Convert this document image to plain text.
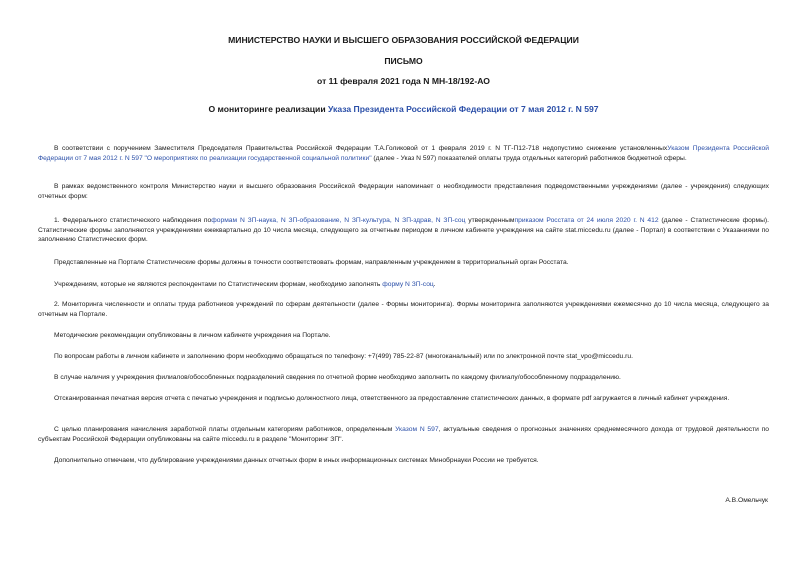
МИНИСТЕРСТВО НАУКИ И ВЫСШЕГО ОБРАЗОВАНИЯ РОССИЙСКОЙ ФЕДЕРАЦИИ
ПИСЬМО
от 11 февраля 2021 года N МН-18/192-АО
О мониторинге реализации Указа Президента Российской Федерации от 7 мая 2012 г. N 597
В соответствии с поручением Заместителя Председателя Правительства Российской Федерации Т.А.Голиковой от 1 февраля 2019 г. N ТГ-П12-718 недопустимо снижение установленныхУказом Президента Российской Федерации от 7 мая 2012 г. N 597 "О мероприятиях по реализации государственной социальной политики" (далее - Указ N 597) показателей оплаты труда отдельных категорий работников бюджетной сферы.
В рамках ведомственного контроля Министерство науки и высшего образования Российской Федерации напоминает о необходимости представления подведомственными учреждениями (далее - учреждения) следующих отчетных форм:
1. Федерального статистического наблюдения поформам N ЗП-наука, N ЗП-образование, N ЗП-культура, N ЗП-здрав, N ЗП-соц утвержденнымприказом Росстата от 24 июля 2020 г. N 412 (далее - Статистические формы). Статистические формы заполняются учреждениями ежеквартально до 10 числа месяца, следующего за отчетным периодом в личном кабинете учреждения на сайте stat.miccedu.ru (далее - Портал) в соответствии с Указаниями по заполнению Статистических форм.
Представленные на Портале Статистические формы должны в точности соответствовать формам, направленным учреждением в территориальный орган Росстата.
Учреждениям, которые не являются респондентами по Статистическим формам, необходимо заполнять форму N ЗП-соц.
2. Мониторинга численности и оплаты труда работников учреждений по сферам деятельности (далее - Формы мониторинга). Формы мониторинга заполняются учреждениями ежемесячно до 10 числа месяца, следующего за отчетным на Портале.
Методические рекомендации опубликованы в личном кабинете учреждения на Портале.
По вопросам работы в личном кабинете и заполнению форм необходимо обращаться по телефону: +7(499) 785-22-87 (многоканальный) или по электронной почте stat_vpo@miccedu.ru.
В случае наличия у учреждения филиалов/обособленных подразделений сведения по отчетной форме необходимо заполнить по каждому филиалу/обособленному подразделению.
Отсканированная печатная версия отчета с печатью учреждения и подписью должностного лица, ответственного за предоставление статистических данных, в формате pdf загружается в личный кабинет учреждения.
С целью планирования начисления заработной платы отдельным категориям работников, определенным Указом N 597, актуальные сведения о прогнозных значениях среднемесячного дохода от трудовой деятельности по субъектам Российской Федерации опубликованы на сайте miccedu.ru в разделе "Мониторинг ЗП".
Дополнительно отмечаем, что дублирование учреждениями данных отчетных форм в иных информационных системах Минобрнауки России не требуется.
А.В.Омельчук
